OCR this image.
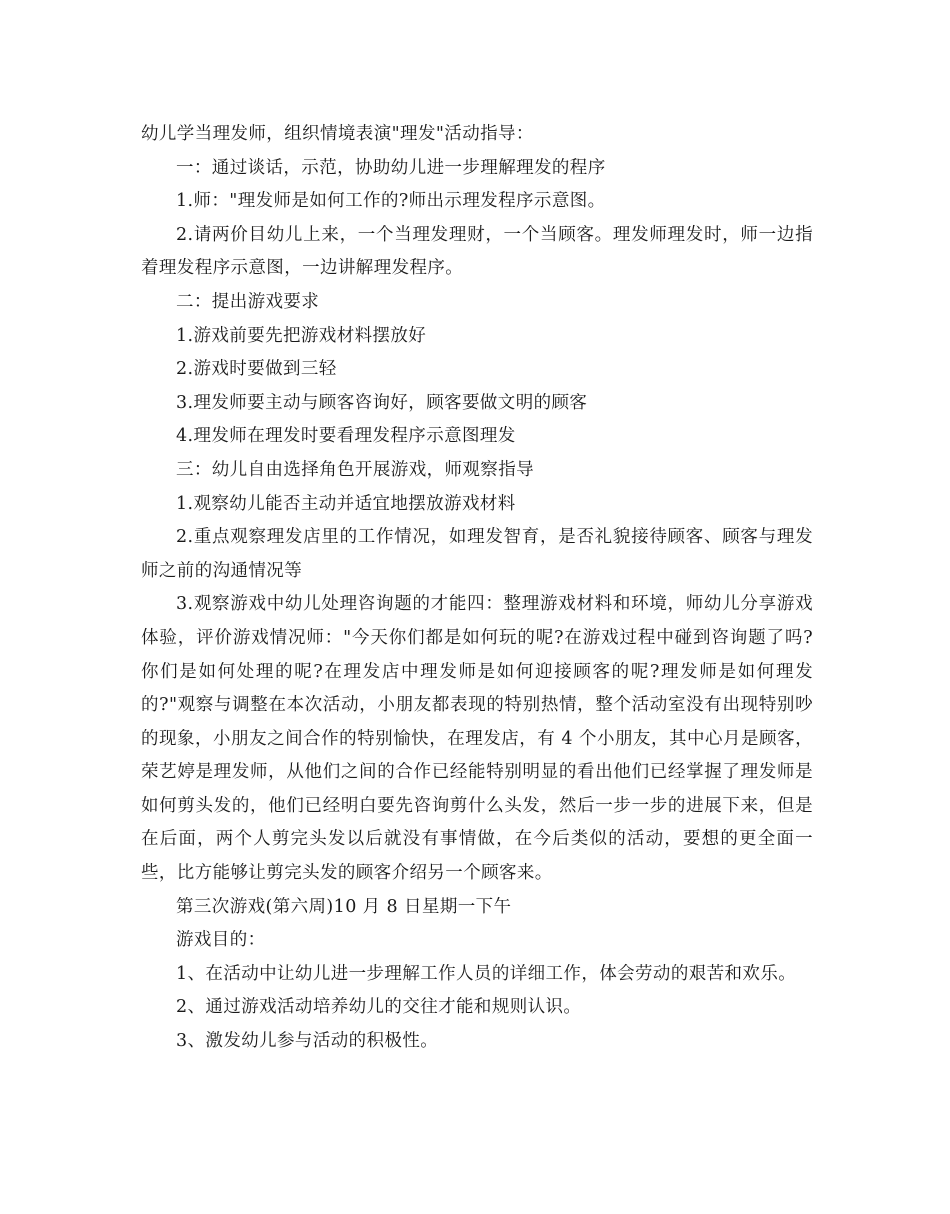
幼儿学当理发师，组织情境表演"理发"活动指导：

一：通过谈话，示范，协助幼儿进一步理解理发的程序

1.师："理发师是如何工作的?师出示理发程序示意图。

2.请两价目幼儿上来，一个当理发理财，一个当顾客。理发师理发时，师一边指着理发程序示意图，一边讲解理发程序。

二：提出游戏要求

1.游戏前要先把游戏材料摆放好

2.游戏时要做到三轻

3.理发师要主动与顾客咨询好，顾客要做文明的顾客

4.理发师在理发时要看理发程序示意图理发

三：幼儿自由选择角色开展游戏，师观察指导

1.观察幼儿能否主动并适宜地摆放游戏材料

2.重点观察理发店里的工作情况，如理发智育，是否礼貌接待顾客、顾客与理发师之前的沟通情况等

3.观察游戏中幼儿处理咨询题的才能四：整理游戏材料和环境，师幼儿分享游戏体验，评价游戏情况师："今天你们都是如何玩的呢?在游戏过程中碰到咨询题了吗?你们是如何处理的呢?在理发店中理发师是如何迎接顾客的呢?理发师是如何理发的?"观察与调整在本次活动，小朋友都表现的特别热情，整个活动室没有出现特别吵的现象，小朋友之间合作的特别愉快，在理发店，有 4 个小朋友，其中心月是顾客，荣艺婷是理发师，从他们之间的合作已经能特别明显的看出他们已经掌握了理发师是如何剪头发的，他们已经明白要先咨询剪什么头发，然后一步一步的进展下来，但是在后面，两个人剪完头发以后就没有事情做，在今后类似的活动，要想的更全面一些，比方能够让剪完头发的顾客介绍另一个顾客来。

第三次游戏(第六周)10 月 8 日星期一下午

游戏目的：

1、在活动中让幼儿进一步理解工作人员的详细工作，体会劳动的艰苦和欢乐。

2、通过游戏活动培养幼儿的交往才能和规则认识。

3、激发幼儿参与活动的积极性。
